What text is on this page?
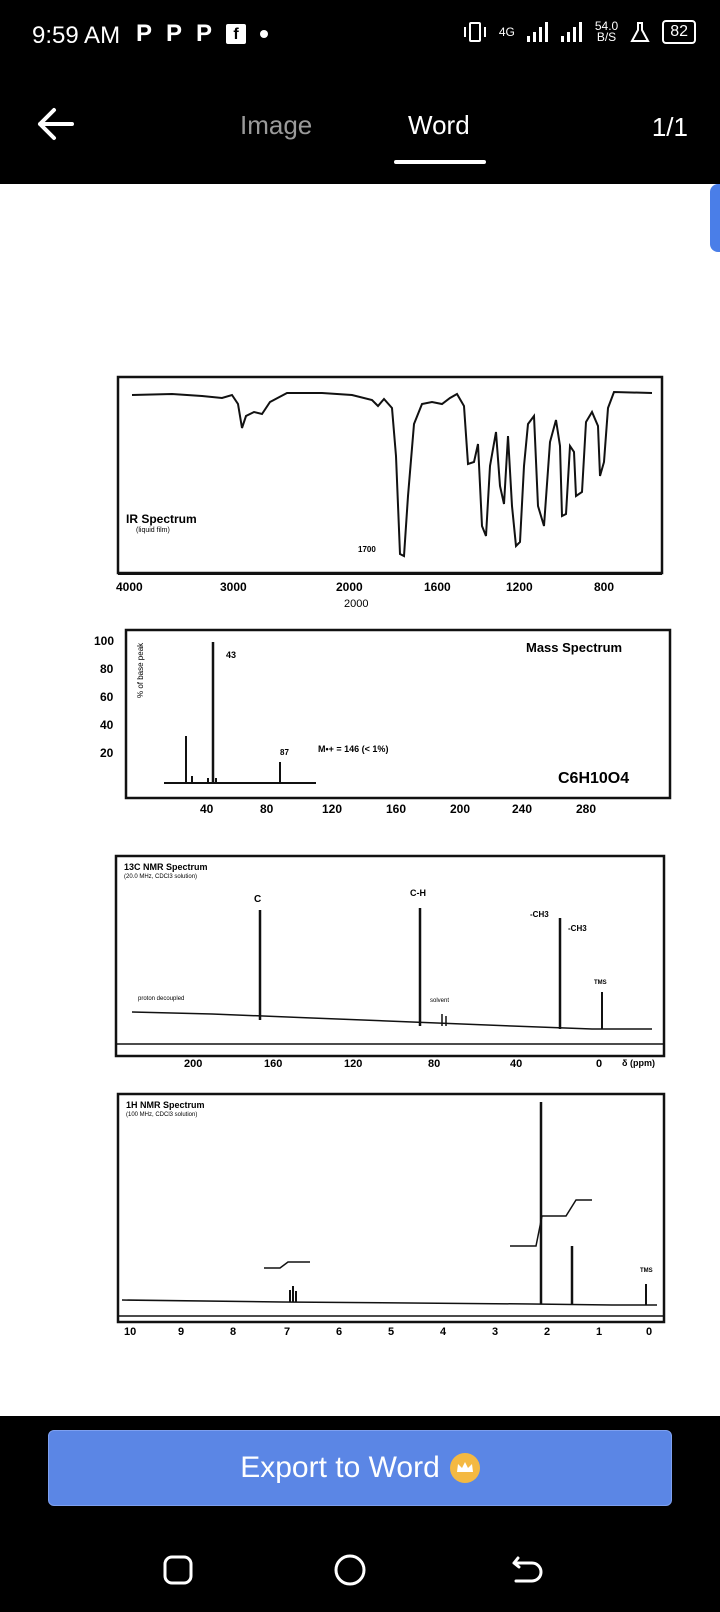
9:59 AM P P P	f	4G	54.0
B/S	82
Image	Word	1/1
IR Spectrum
(liquid film)
1700
4000	3000	2000	1600	1200	800
2000
100
80
60
40
20
% of base peak	Mass Spectrum
43
87	M•+ = 146 (< 1%)
C6H10O4
40	80	120	160	200	240	280
13C NMR Spectrum
(20.0 MHz, CDCl3 solution)
proton decoupled	solvent
C
C-H
-CH3
-CH3
TMS
200	160	120	80	40	0 δ (ppm)
1H NMR Spectrum
(100 MHz, CDCl3 solution)
TMS
10	9	8	7	6	5	4	3	2	1	0
Export to Word
